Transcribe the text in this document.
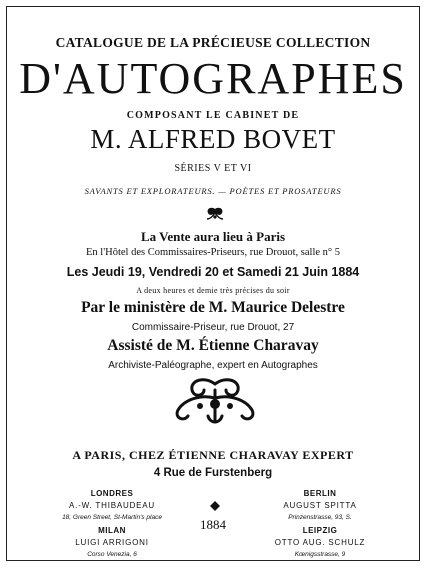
CATALOGUE DE LA PRÉCIEUSE COLLECTION
D'AUTOGRAPHES
COMPOSANT LE CABINET DE
M. ALFRED BOVET
SÉRIES V ET VI
SAVANTS ET EXPLORATEURS. — POÈTES ET PROSATEURS
La Vente aura lieu à Paris
En l'Hôtel des Commissaires-Priseurs, rue Drouot, salle n° 5
Les Jeudi 19, Vendredi 20 et Samedi 21 Juin 1884
A deux heures et demie très précises du soir
Par le ministère de M. Maurice Delestre
Commissaire-Priseur, rue Drouot, 27
Assisté de M. Étienne Charavay
Archiviste-Paléographe, expert en Autographes
A PARIS, CHEZ ÉTIENNE CHARAVAY EXPERT
4 Rue de Furstenberg
LONDRES
A.-W. THIBAUDEAU
18, Green Street, St-Martin's place
MILAN
LUIGI ARRIGONI
Corso Venezia, 6
BERLIN
AUGUST SPITTA
Prinzenstrasse, 93, S.
LEIPZIG
OTTO AUG. SCHULZ
Kœnigsstrasse, 9
1884
